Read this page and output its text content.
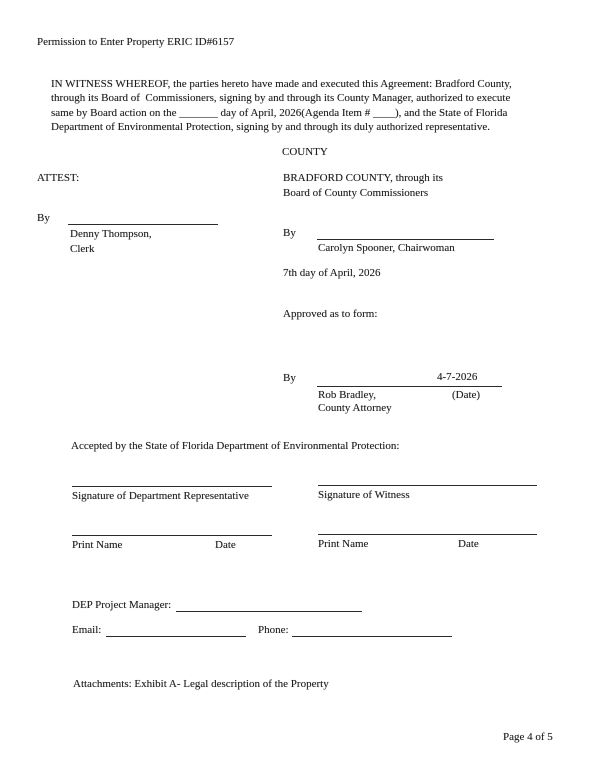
Permission to Enter Property ERIC ID#6157
IN WITNESS WHEREOF, the parties hereto have made and executed this Agreement: Bradford County,
through its Board of  Commissioners, signing by and through its County Manager, authorized to execute
same by Board action on the _______ day of April, 2026(Agenda Item # ____), and the State of Florida
Department of Environmental Protection, signing by and through its duly authorized representative.
COUNTY
ATTEST:	BRADFORD COUNTY, through its
Board of County Commissioners
By
Denny Thompson,
Clerk
By
Carolyn Spooner, Chairwoman
7th day of April, 2026
Approved as to form:
By	4-7-2026
Rob Bradley,	(Date)
County Attorney
Accepted by the State of Florida Department of Environmental Protection:
Signature of Department Representative	Signature of Witness
Print Name	Date	Print Name	Date
DEP Project Manager:
Email:	Phone:
Attachments: Exhibit A- Legal description of the Property
Page 4 of 5
